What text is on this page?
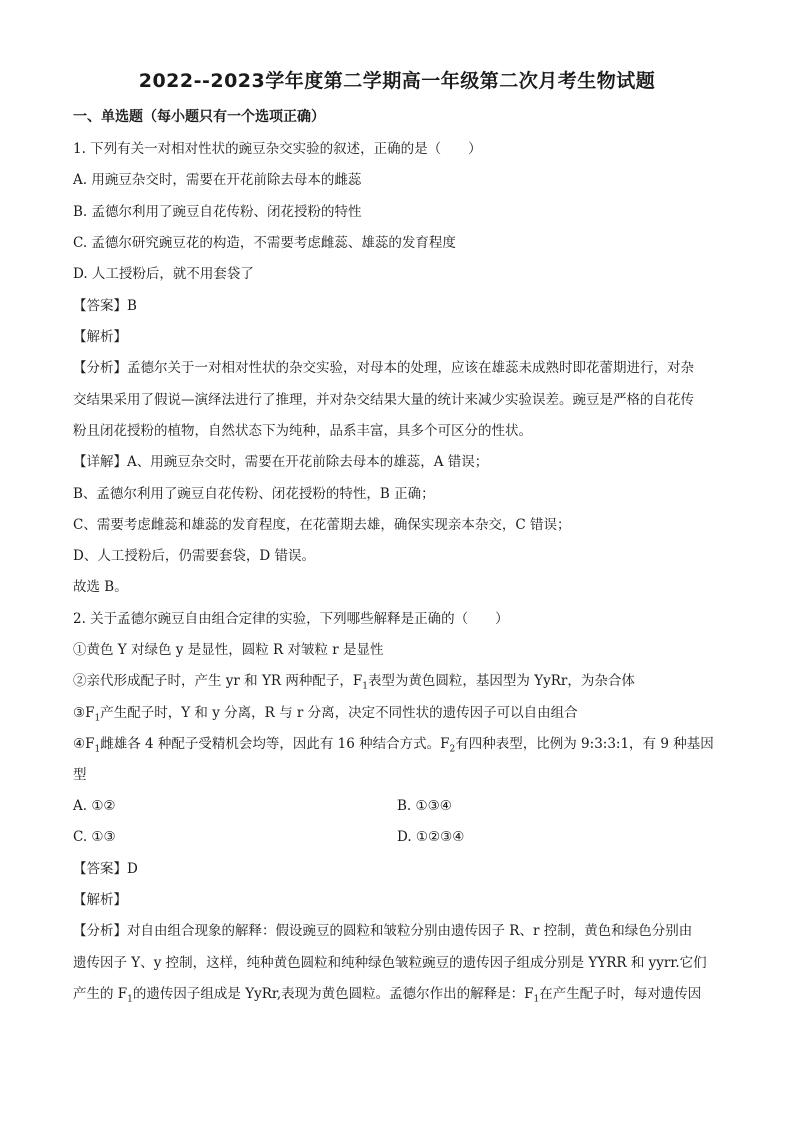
2022--2023学年度第二学期高一年级第二次月考生物试题
一、单选题（每小题只有一个选项正确）
1. 下列有关一对相对性状的豌豆杂交实验的叙述，正确的是（　　）
A. 用豌豆杂交时，需要在开花前除去母本的雌蕊
B. 孟德尔利用了豌豆自花传粉、闭花授粉的特性
C. 孟德尔研究豌豆花的构造，不需要考虑雌蕊、雄蕊的发育程度
D. 人工授粉后，就不用套袋了
【答案】B
【解析】
【分析】孟德尔关于一对相对性状的杂交实验，对母本的处理，应该在雄蕊未成熟时即花蕾期进行，对杂
交结果采用了假说—演绎法进行了推理，并对杂交结果大量的统计来减少实验误差。豌豆是严格的自花传
粉且闭花授粉的植物，自然状态下为纯种，品系丰富，具多个可区分的性状。
【详解】A、用豌豆杂交时，需要在开花前除去母本的雄蕊，A 错误；
B、孟德尔利用了豌豆自花传粉、闭花授粉的特性，B 正确；
C、需要考虑雌蕊和雄蕊的发育程度，在花蕾期去雄，确保实现亲本杂交，C 错误；
D、人工授粉后，仍需要套袋，D 错误。
故选 B。
2. 关于孟德尔豌豆自由组合定律的实验，下列哪些解释是正确的（　　）
①黄色 Y 对绿色 y 是显性，圆粒 R 对皱粒 r 是显性
②亲代形成配子时，产生 yr 和 YR 两种配子，$F_1$表型为黄色圆粒，基因型为 YyRr，为杂合体
$③F_1$产生配子时，Y 和 y 分离，R 与 r 分离，决定不同性状的遗传因子可以自由组合
$④F_1$雌雄各 4 种配子受精机会均等，因此有 16 种结合方式。$F_2$有四种表型，比例为 9:3:3:1，有 9 种基因
型
A. ①②	B. ①③④
C. ①③	D. ①②③④
【答案】D
【解析】
【分析】对自由组合现象的解释：假设豌豆的圆粒和皱粒分别由遗传因子 R、r 控制，黄色和绿色分别由
遗传因子 Y、y 控制，这样，纯种黄色圆粒和纯种绿色皱粒豌豆的遗传因子组成分别是 YYRR 和 yyrr.它们
产生的 $F_1$的遗传因子组成是 YyRr,表现为黄色圆粒。孟德尔作出的解释是：$F_1$在产生配子时，每对遗传因
